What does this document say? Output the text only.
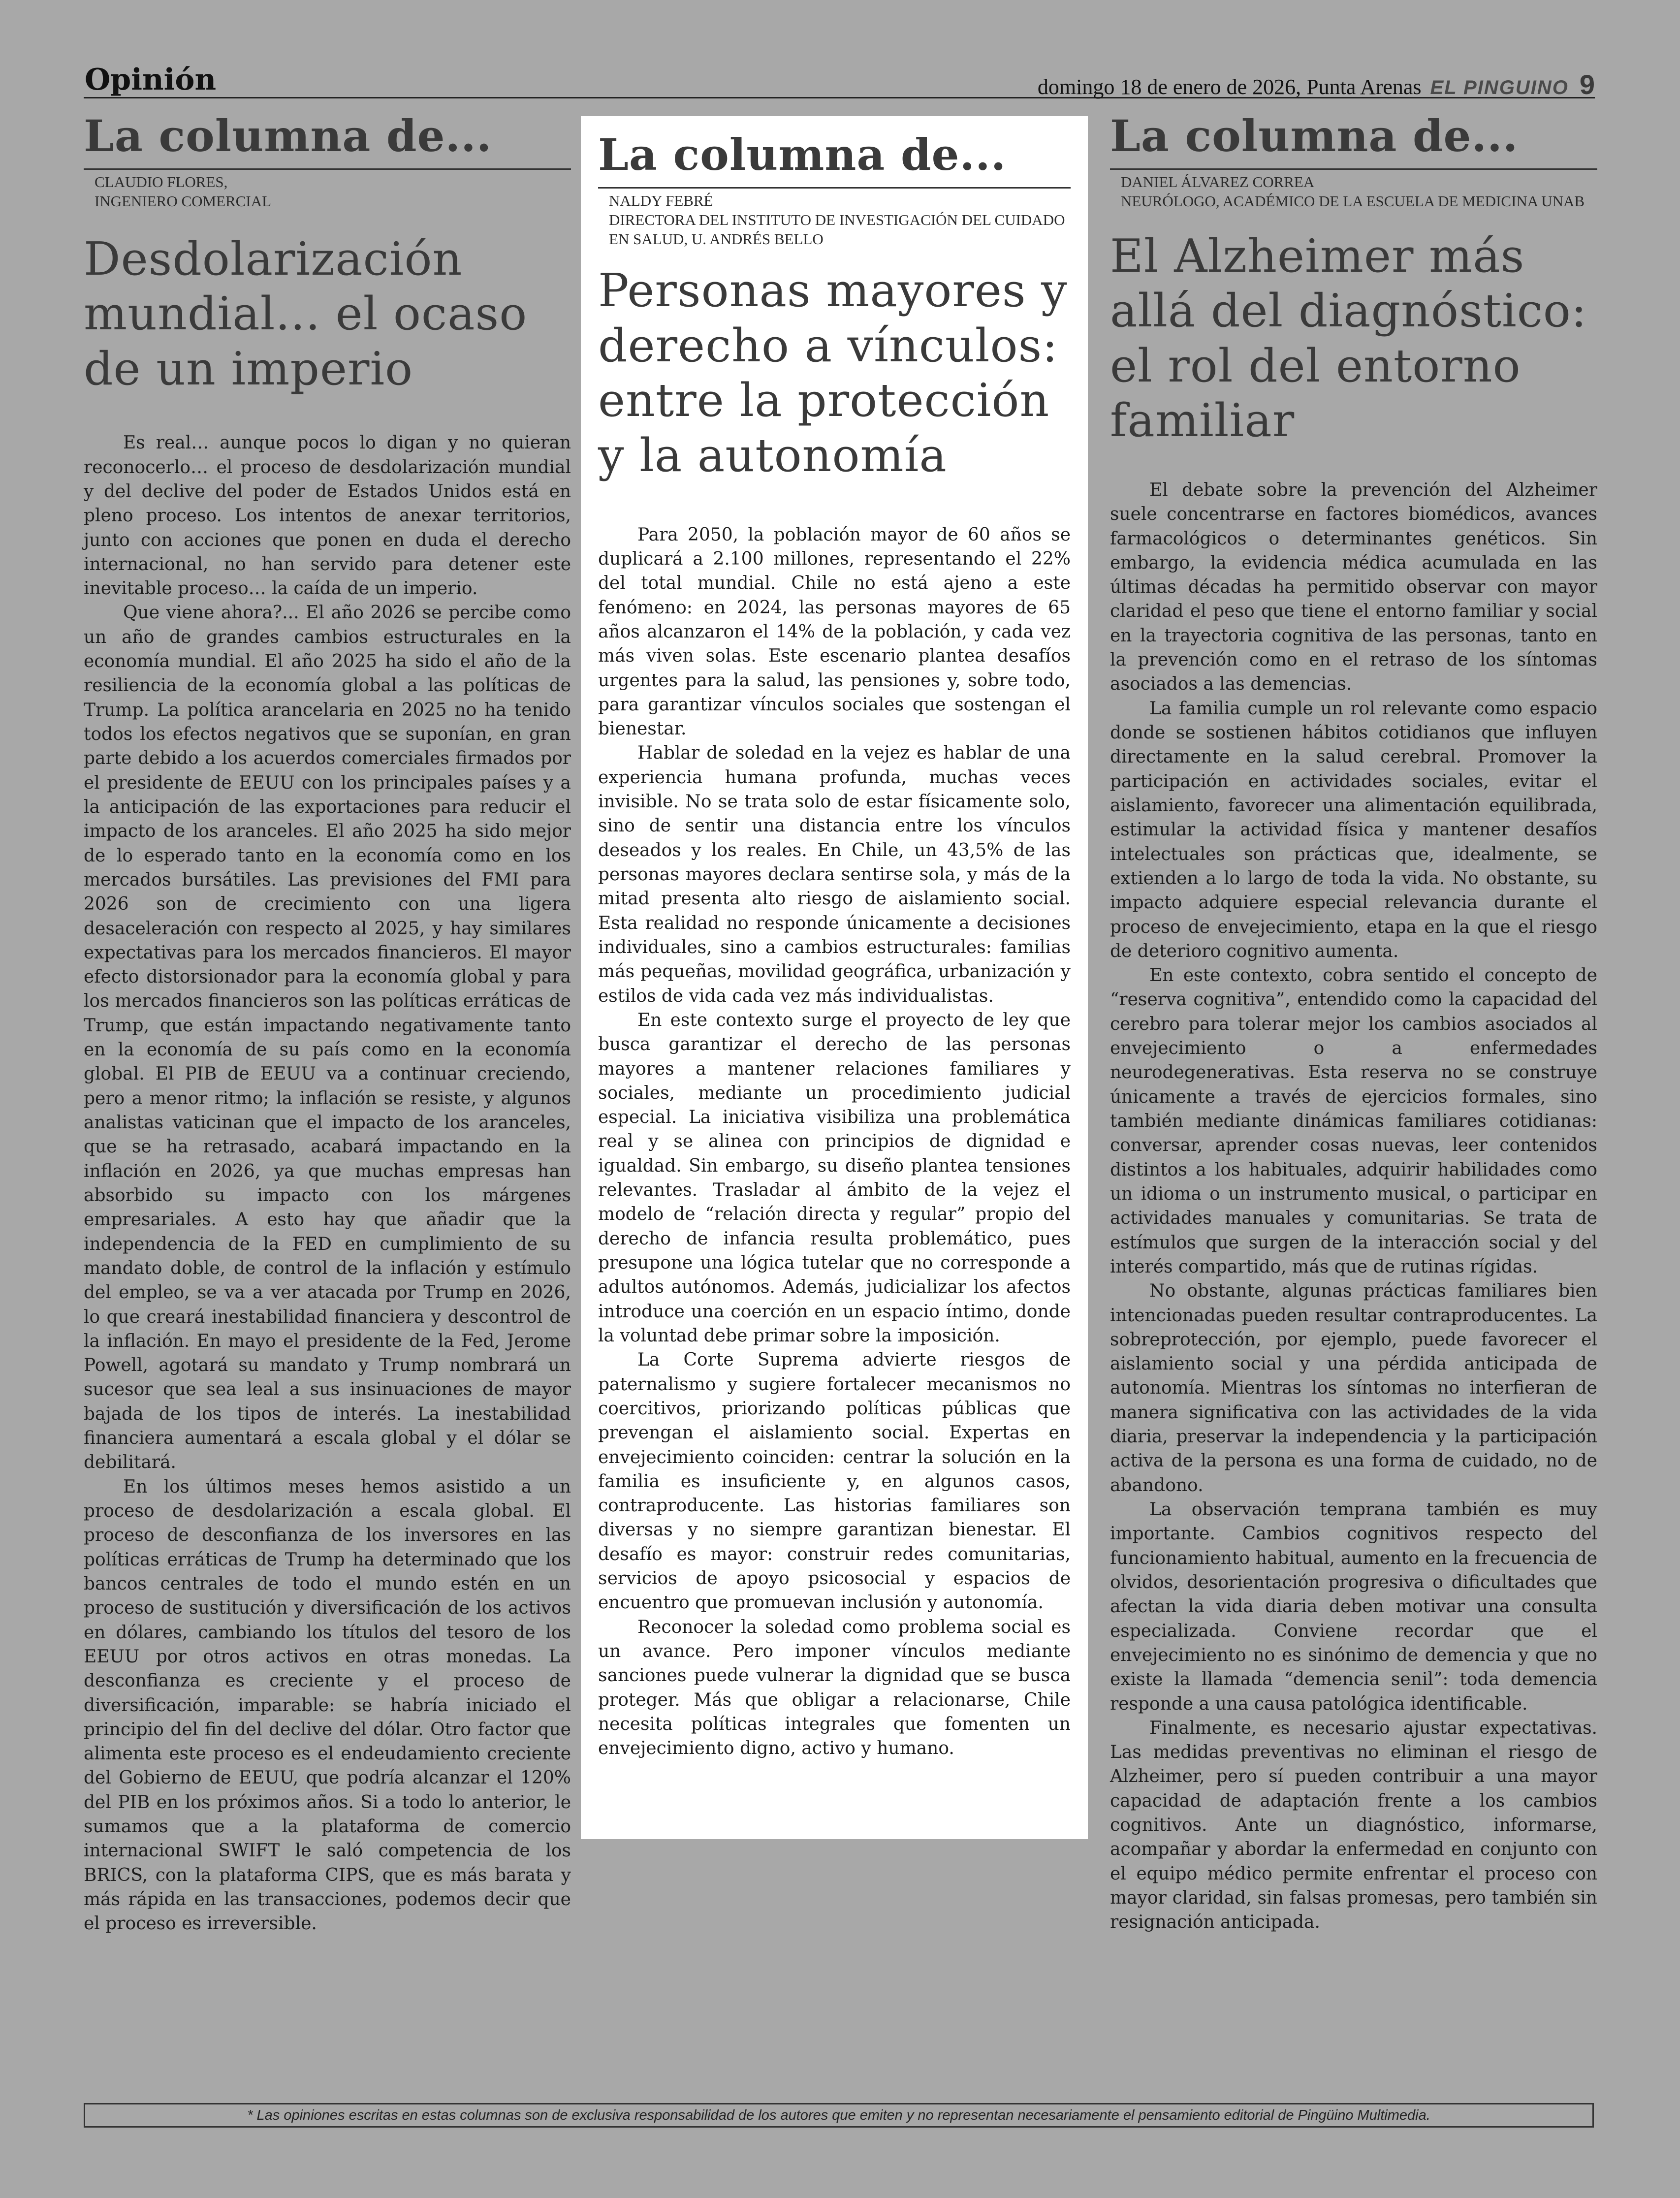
Opinión	domingo 18 de enero de 2026, Punta Arenas EL PINGUINO 9
La columna de...
CLAUDIO FLORES,
INGENIERO COMERCIAL
Desdolarización mundial... el ocaso de un imperio

Es real… aunque pocos lo digan y no quieran reconocerlo… el proceso de desdolarización mundial y del declive del poder de Estados Unidos está en pleno proceso. Los intentos de anexar territorios, junto con acciones que ponen en duda el derecho internacional, no han servido para detener este inevitable proceso… la caída de un imperio.

Que viene ahora?... El año 2026 se percibe como un año de grandes cambios estructurales en la economía mundial. El año 2025 ha sido el año de la resiliencia de la economía global a las políticas de Trump. La política arancelaria en 2025 no ha tenido todos los efectos negativos que se suponían, en gran parte debido a los acuerdos comerciales firmados por el presidente de EEUU con los principales países y a la anticipación de las exportaciones para reducir el impacto de los aranceles. El año 2025 ha sido mejor de lo esperado tanto en la economía como en los mercados bursátiles. Las previsiones del FMI para 2026 son de crecimiento con una ligera desaceleración con respecto al 2025, y hay similares expectativas para los mercados financieros. El mayor efecto distorsionador para la economía global y para los mercados financieros son las políticas erráticas de Trump, que están impactando negativamente tanto en la economía de su país como en la economía global. El PIB de EEUU va a continuar creciendo, pero a menor ritmo; la inflación se resiste, y algunos analistas vaticinan que el impacto de los aranceles, que se ha retrasado, acabará impactando en la inflación en 2026, ya que muchas empresas han absorbido su impacto con los márgenes empresariales. A esto hay que añadir que la independencia de la FED en cumplimiento de su mandato doble, de control de la inflación y estímulo del empleo, se va a ver atacada por Trump en 2026, lo que creará inestabilidad financiera y descontrol de la inflación. En mayo el presidente de la Fed, Jerome Powell, agotará su mandato y Trump nombrará un sucesor que sea leal a sus insinuaciones de mayor bajada de los tipos de interés. La inestabilidad financiera aumentará a escala global y el dólar se debilitará.

En los últimos meses hemos asistido a un proceso de desdolarización a escala global. El proceso de desconfianza de los inversores en las políticas erráticas de Trump ha determinado que los bancos centrales de todo el mundo estén en un proceso de sustitución y diversificación de los activos en dólares, cambiando los títulos del tesoro de los EEUU por otros activos en otras monedas. La desconfianza es creciente y el proceso de diversificación, imparable: se habría iniciado el principio del fin del declive del dólar. Otro factor que alimenta este proceso es el endeudamiento creciente del Gobierno de EEUU, que podría alcanzar el 120% del PIB en los próximos años. Si a todo lo anterior, le sumamos que a la plataforma de comercio internacional SWIFT le saló competencia de los BRICS, con la plataforma CIPS, que es más barata y más rápida en las transacciones, podemos decir que el proceso es irreversible.

La columna de...
NALDY FEBRÉ
DIRECTORA DEL INSTITUTO DE INVESTIGACIÓN DEL CUIDADO EN SALUD, U. ANDRÉS BELLO
Personas mayores y derecho a vínculos: entre la protección y la autonomía

Para 2050, la población mayor de 60 años se duplicará a 2.100 millones, representando el 22% del total mundial. Chile no está ajeno a este fenómeno: en 2024, las personas mayores de 65 años alcanzaron el 14% de la población, y cada vez más viven solas. Este escenario plantea desafíos urgentes para la salud, las pensiones y, sobre todo, para garantizar vínculos sociales que sostengan el bienestar.

Hablar de soledad en la vejez es hablar de una experiencia humana profunda, muchas veces invisible. No se trata solo de estar físicamente solo, sino de sentir una distancia entre los vínculos deseados y los reales. En Chile, un 43,5% de las personas mayores declara sentirse sola, y más de la mitad presenta alto riesgo de aislamiento social. Esta realidad no responde únicamente a decisiones individuales, sino a cambios estructurales: familias más pequeñas, movilidad geográfica, urbanización y estilos de vida cada vez más individualistas.

En este contexto surge el proyecto de ley que busca garantizar el derecho de las personas mayores a mantener relaciones familiares y sociales, mediante un procedimiento judicial especial. La iniciativa visibiliza una problemática real y se alinea con principios de dignidad e igualdad. Sin embargo, su diseño plantea tensiones relevantes. Trasladar al ámbito de la vejez el modelo de “relación directa y regular” propio del derecho de infancia resulta problemático, pues presupone una lógica tutelar que no corresponde a adultos autónomos. Además, judicializar los afectos introduce una coerción en un espacio íntimo, donde la voluntad debe primar sobre la imposición.

La Corte Suprema advierte riesgos de paternalismo y sugiere fortalecer mecanismos no coercitivos, priorizando políticas públicas que prevengan el aislamiento social. Expertas en envejecimiento coinciden: centrar la solución en la familia es insuficiente y, en algunos casos, contraproducente. Las historias familiares son diversas y no siempre garantizan bienestar. El desafío es mayor: construir redes comunitarias, servicios de apoyo psicosocial y espacios de encuentro que promuevan inclusión y autonomía.

Reconocer la soledad como problema social es un avance. Pero imponer vínculos mediante sanciones puede vulnerar la dignidad que se busca proteger. Más que obligar a relacionarse, Chile necesita políticas integrales que fomenten un envejecimiento digno, activo y humano.

La columna de...
DANIEL ÁLVAREZ CORREA
NEURÓLOGO, ACADÉMICO DE LA ESCUELA DE MEDICINA UNAB
El Alzheimer más allá del diagnóstico: el rol del entorno familiar

El debate sobre la prevención del Alzheimer suele concentrarse en factores biomédicos, avances farmacológicos o determinantes genéticos. Sin embargo, la evidencia médica acumulada en las últimas décadas ha permitido observar con mayor claridad el peso que tiene el entorno familiar y social en la trayectoria cognitiva de las personas, tanto en la prevención como en el retraso de los síntomas asociados a las demencias.

La familia cumple un rol relevante como espacio donde se sostienen hábitos cotidianos que influyen directamente en la salud cerebral. Promover la participación en actividades sociales, evitar el aislamiento, favorecer una alimentación equilibrada, estimular la actividad física y mantener desafíos intelectuales son prácticas que, idealmente, se extienden a lo largo de toda la vida. No obstante, su impacto adquiere especial relevancia durante el proceso de envejecimiento, etapa en la que el riesgo de deterioro cognitivo aumenta.

En este contexto, cobra sentido el concepto de “reserva cognitiva”, entendido como la capacidad del cerebro para tolerar mejor los cambios asociados al envejecimiento o a enfermedades neurodegenerativas. Esta reserva no se construye únicamente a través de ejercicios formales, sino también mediante dinámicas familiares cotidianas: conversar, aprender cosas nuevas, leer contenidos distintos a los habituales, adquirir habilidades como un idioma o un instrumento musical, o participar en actividades manuales y comunitarias. Se trata de estímulos que surgen de la interacción social y del interés compartido, más que de rutinas rígidas.

No obstante, algunas prácticas familiares bien intencionadas pueden resultar contraproducentes. La sobreprotección, por ejemplo, puede favorecer el aislamiento social y una pérdida anticipada de autonomía. Mientras los síntomas no interfieran de manera significativa con las actividades de la vida diaria, preservar la independencia y la participación activa de la persona es una forma de cuidado, no de abandono.

La observación temprana también es muy importante. Cambios cognitivos respecto del funcionamiento habitual, aumento en la frecuencia de olvidos, desorientación progresiva o dificultades que afectan la vida diaria deben motivar una consulta especializada. Conviene recordar que el envejecimiento no es sinónimo de demencia y que no existe la llamada “demencia senil”: toda demencia responde a una causa patológica identificable.

Finalmente, es necesario ajustar expectativas. Las medidas preventivas no eliminan el riesgo de Alzheimer, pero sí pueden contribuir a una mayor capacidad de adaptación frente a los cambios cognitivos. Ante un diagnóstico, informarse, acompañar y abordar la enfermedad en conjunto con el equipo médico permite enfrentar el proceso con mayor claridad, sin falsas promesas, pero también sin resignación anticipada.

* Las opiniones escritas en estas columnas son de exclusiva responsabilidad de los autores que emiten y no representan necesariamente el pensamiento editorial de Pingüino Multimedia.
